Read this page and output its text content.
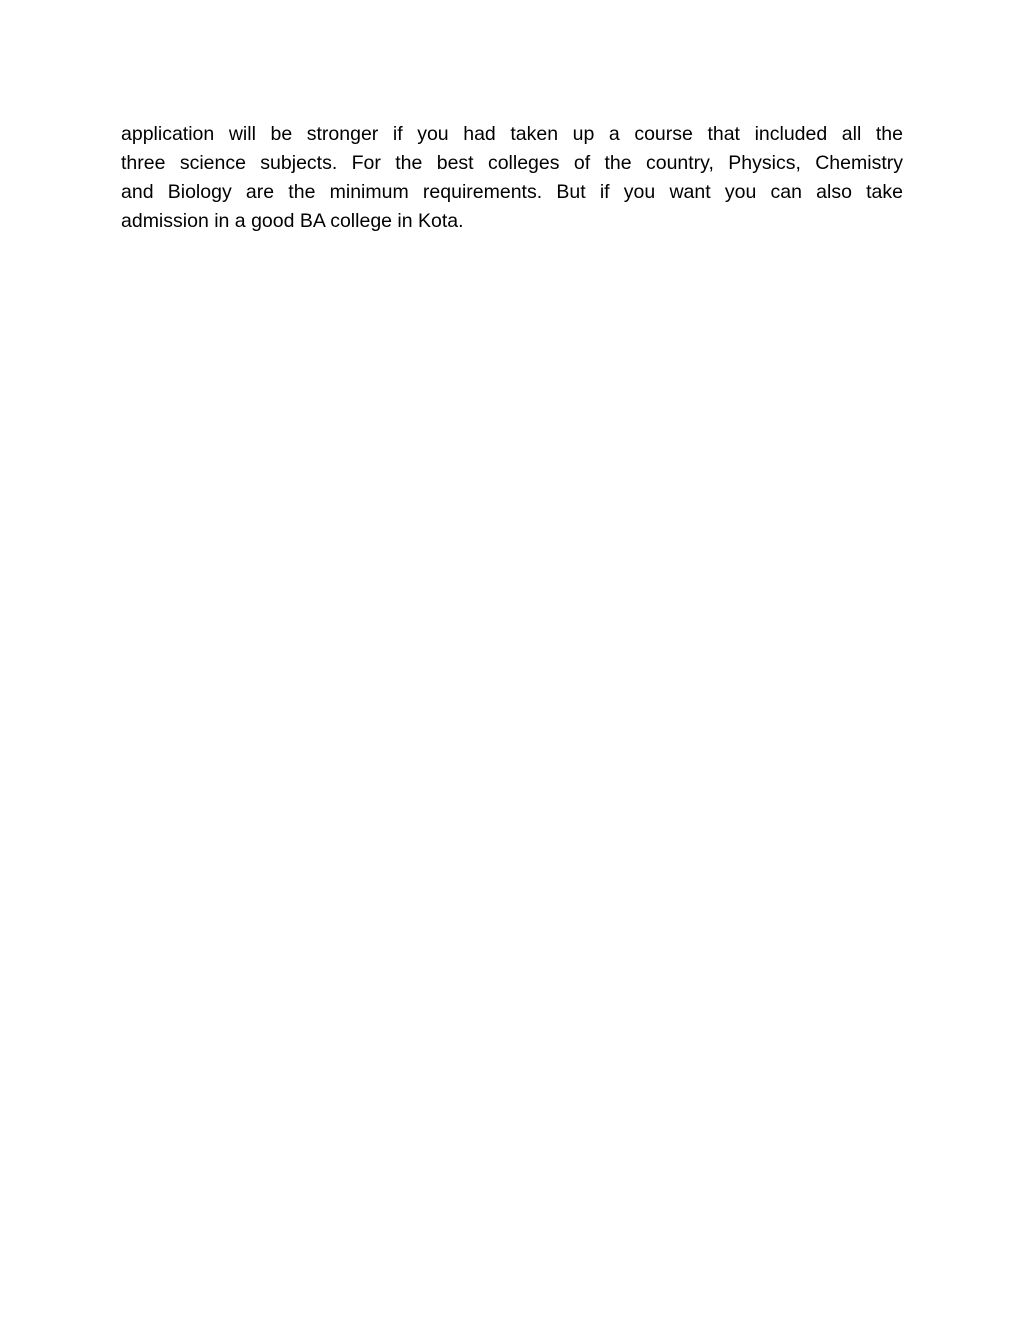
application will be stronger if you had taken up a course that included all the
three science subjects. For the best colleges of the country, Physics, Chemistry
and Biology are the minimum requirements. But if you want you can also take
admission in a good BA college in Kota.
